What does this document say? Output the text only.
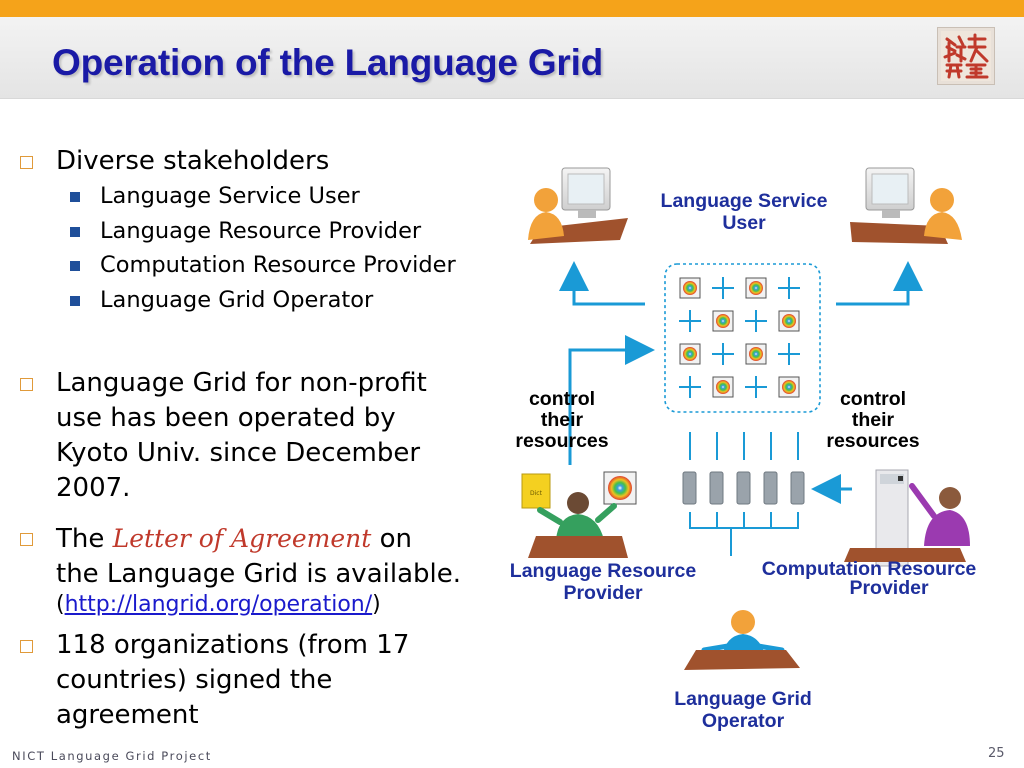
Operation of the Language Grid
Diverse stakeholders
Language Service User
Language Resource Provider
Computation Resource Provider
Language Grid Operator
Language Grid for non-profit
use has been operated by
Kyoto Univ. since December
2007.
The Letter of Agreement on
the Language Grid is available.
(http://langrid.org/operation/)
118 organizations (from 17
countries) signed the
agreement
Dict
Language Service
User
control
their
resources
control
their
resources
Language Resource
Provider
Computation Resource
Provider
Language Grid
Operator
NICT Language Grid Project	25
